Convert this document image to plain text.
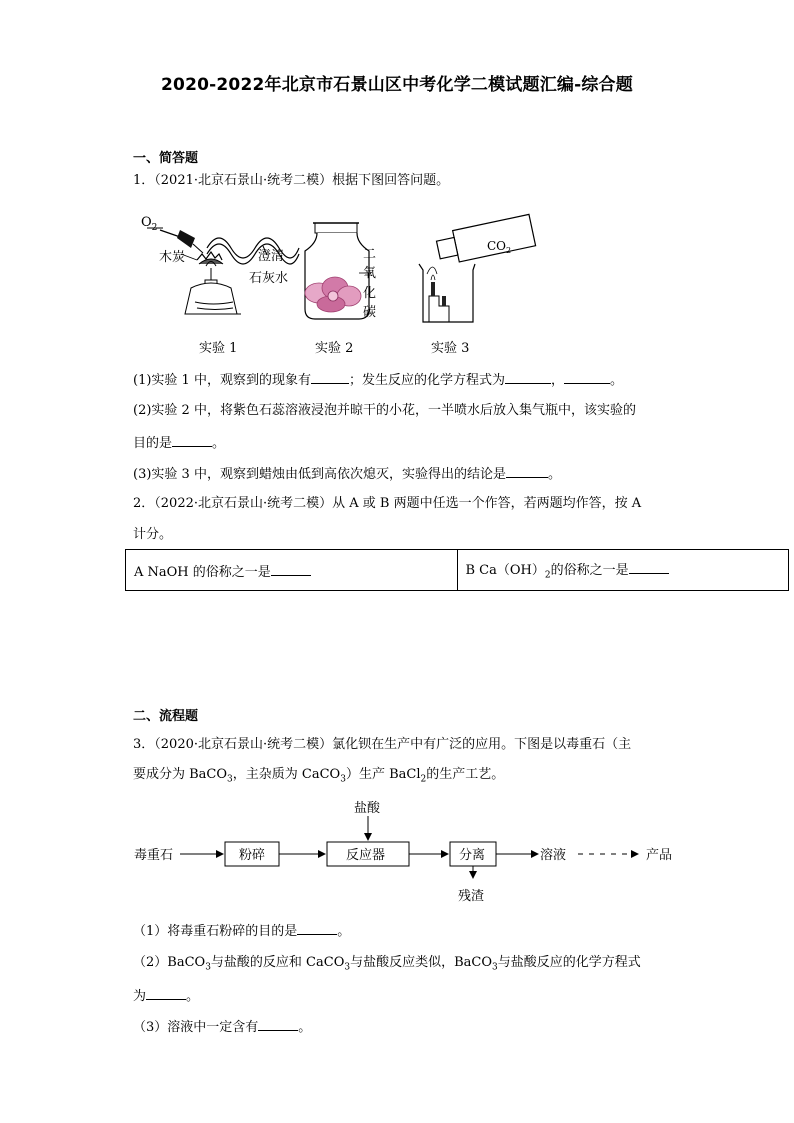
2020-2022年北京市石景山区中考化学二模试题汇编-综合题
一、简答题
1．（2021·北京石景山·统考二模）根据下图回答问题。
$O_2$
木炭	澄清
石灰水
二
氧
化
碳
$CO_2$
实验 1	实验 2	实验 3
(1)实验 1 中，观察到的现象有	；发生反应的化学方程式为	，	。
(2)实验 2 中，将紫色石蕊溶液浸泡并晾干的小花，一半喷水后放入集气瓶中，该实验的
目的是	。
(3)实验 3 中，观察到蜡烛由低到高依次熄灭，实验得出的结论是	。
2．（2022·北京石景山·统考二模）从 A 或 B 两题中任选一个作答，若两题均作答，按 A
计分。
A NaOH 的俗称之一是	B $Ca(OH)_2$的俗称之一是
二、流程题
3．（2020·北京石景山·统考二模）氯化钡在生产中有广泛的应用。下图是以毒重石（主
要成分为 BaCO$_3$，主杂质为 CaCO$_3$）生产 BaCl$_2$的生产工艺。
盐酸
毒重石	粉碎	反应器	分离	溶液	产品
残渣
（1）将毒重石粉碎的目的是	。
（2）BaCO$_3$与盐酸的反应和 CaCO$_3$与盐酸反应类似，BaCO$_3$与盐酸反应的化学方程式
为	。
（3）溶液中一定含有	。
